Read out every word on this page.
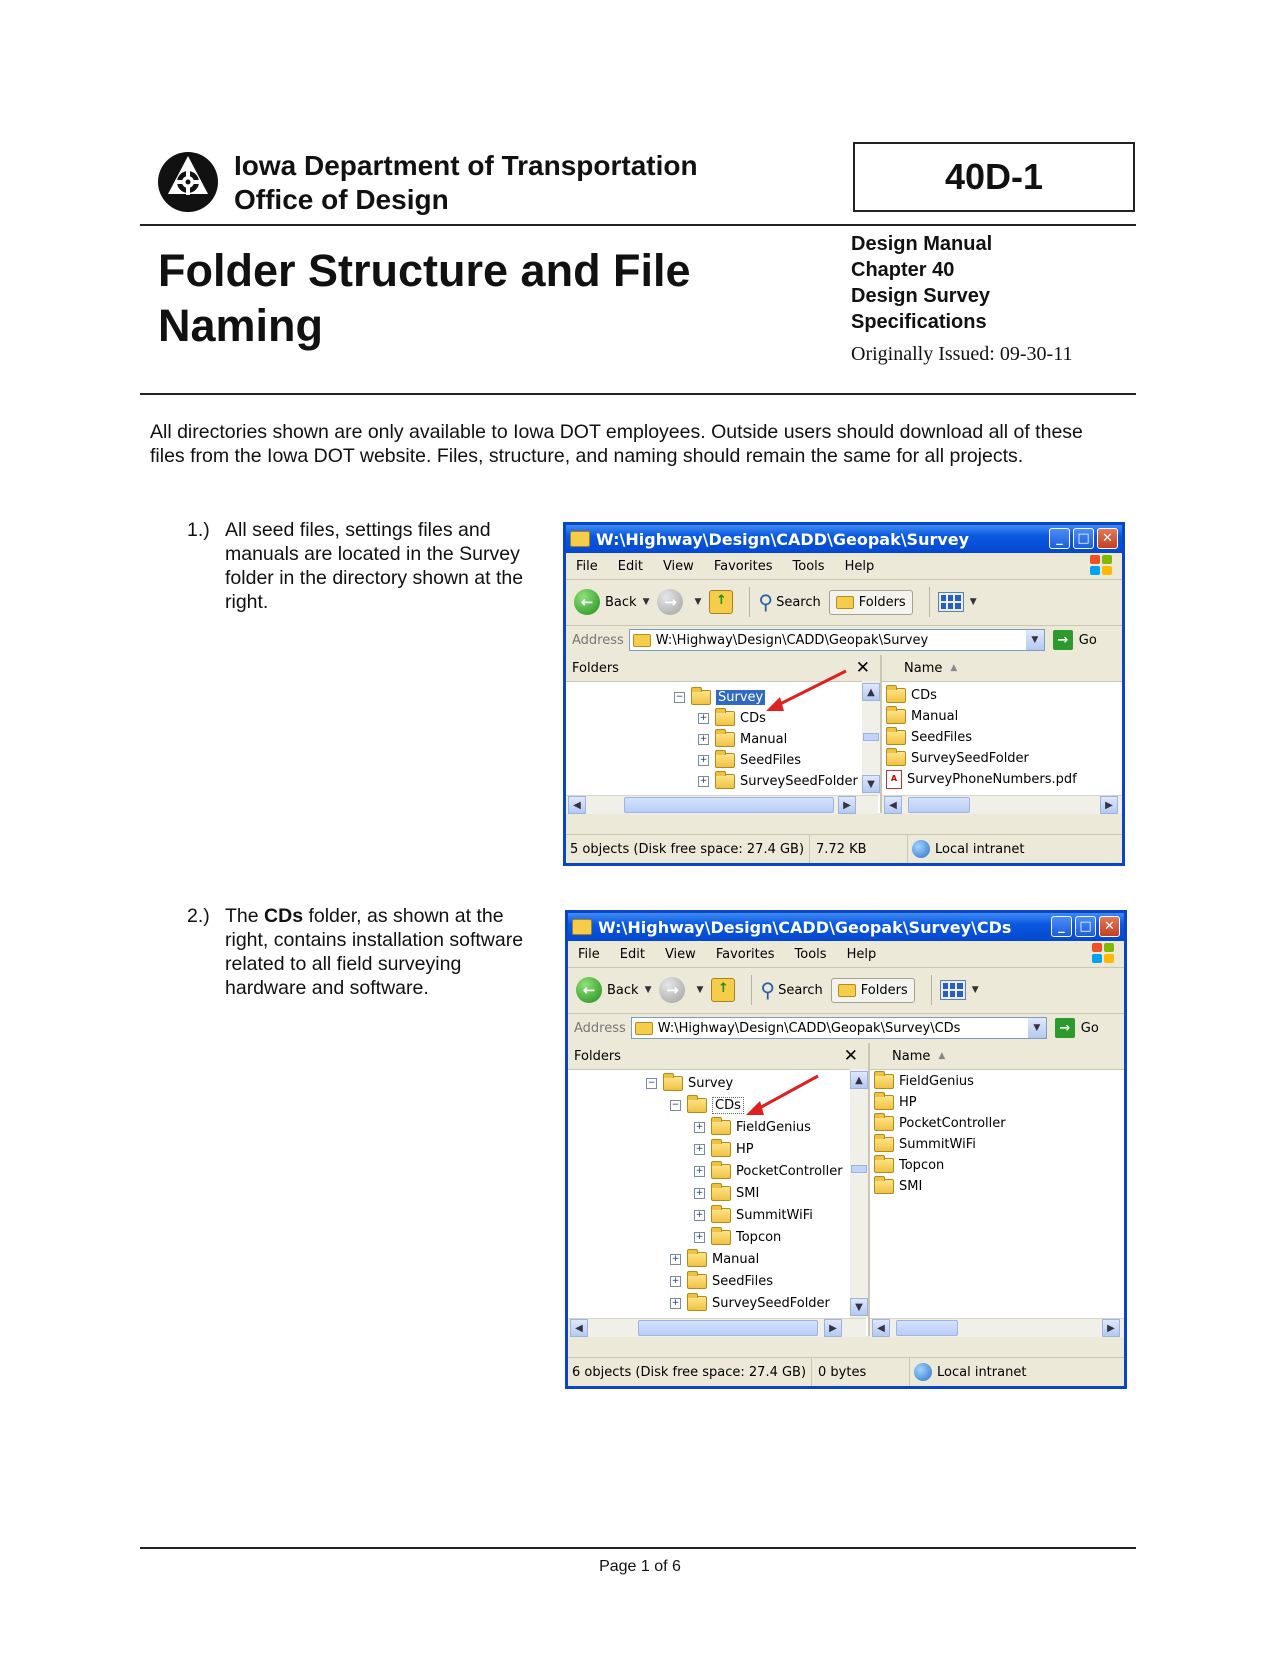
Iowa Department of Transportation
Office of Design
40D-1
Folder Structure and File
Naming
Design Manual
Chapter 40
Design Survey
Specifications
Originally Issued: 09-30-11
All directories shown are only available to Iowa DOT employees. Outside users should download all of these files from the Iowa DOT website. Files, structure, and naming should remain the same for all projects.
1.) All seed files, settings files and manuals are located in the Survey folder in the directory shown at the right.
2.) The CDs folder, as shown at the right, contains installation software related to all field surveying hardware and software.
W:\Highway\Design\CADD\Geopak\Survey	_	□ ✕
File	Edit	View	Favorites	Tools	Help
← Back ▼ →	▼	↑	⚲ Search	Folders	▼
Address W:\Highway\Design\CADD\Geopak\Survey	▼	→ Go
Folders	✕
−	Survey
+	CDs
+	Manual
+	SeedFiles
+	SurveySeedFolder
▲
▼
◀	▶
Name ▲
CDs
Manual
SeedFiles
SurveySeedFolder
A SurveyPhoneNumbers.pdf
◀	▶
5 objects (Disk free space: 27.4 GB) 7.72 KB	Local intranet
W:\Highway\Design\CADD\Geopak\Survey\CDs	_	□ ✕
File	Edit	View	Favorites	Tools	Help
← Back ▼ →	▼	↑	⚲ Search	Folders	▼
Address W:\Highway\Design\CADD\Geopak\Survey\CDs	▼	→ Go
Folders	✕
−	Survey
−	CDs
+	FieldGenius
+	HP
+	PocketController
+	SMI
+	SummitWiFi
+	Topcon
+	Manual
+	SeedFiles
+	SurveySeedFolder
▲
▼
◀	▶
Name ▲
FieldGenius
HP
PocketController
SummitWiFi
Topcon
SMI
◀	▶
6 objects (Disk free space: 27.4 GB) 0 bytes	Local intranet
Page 1 of 6
